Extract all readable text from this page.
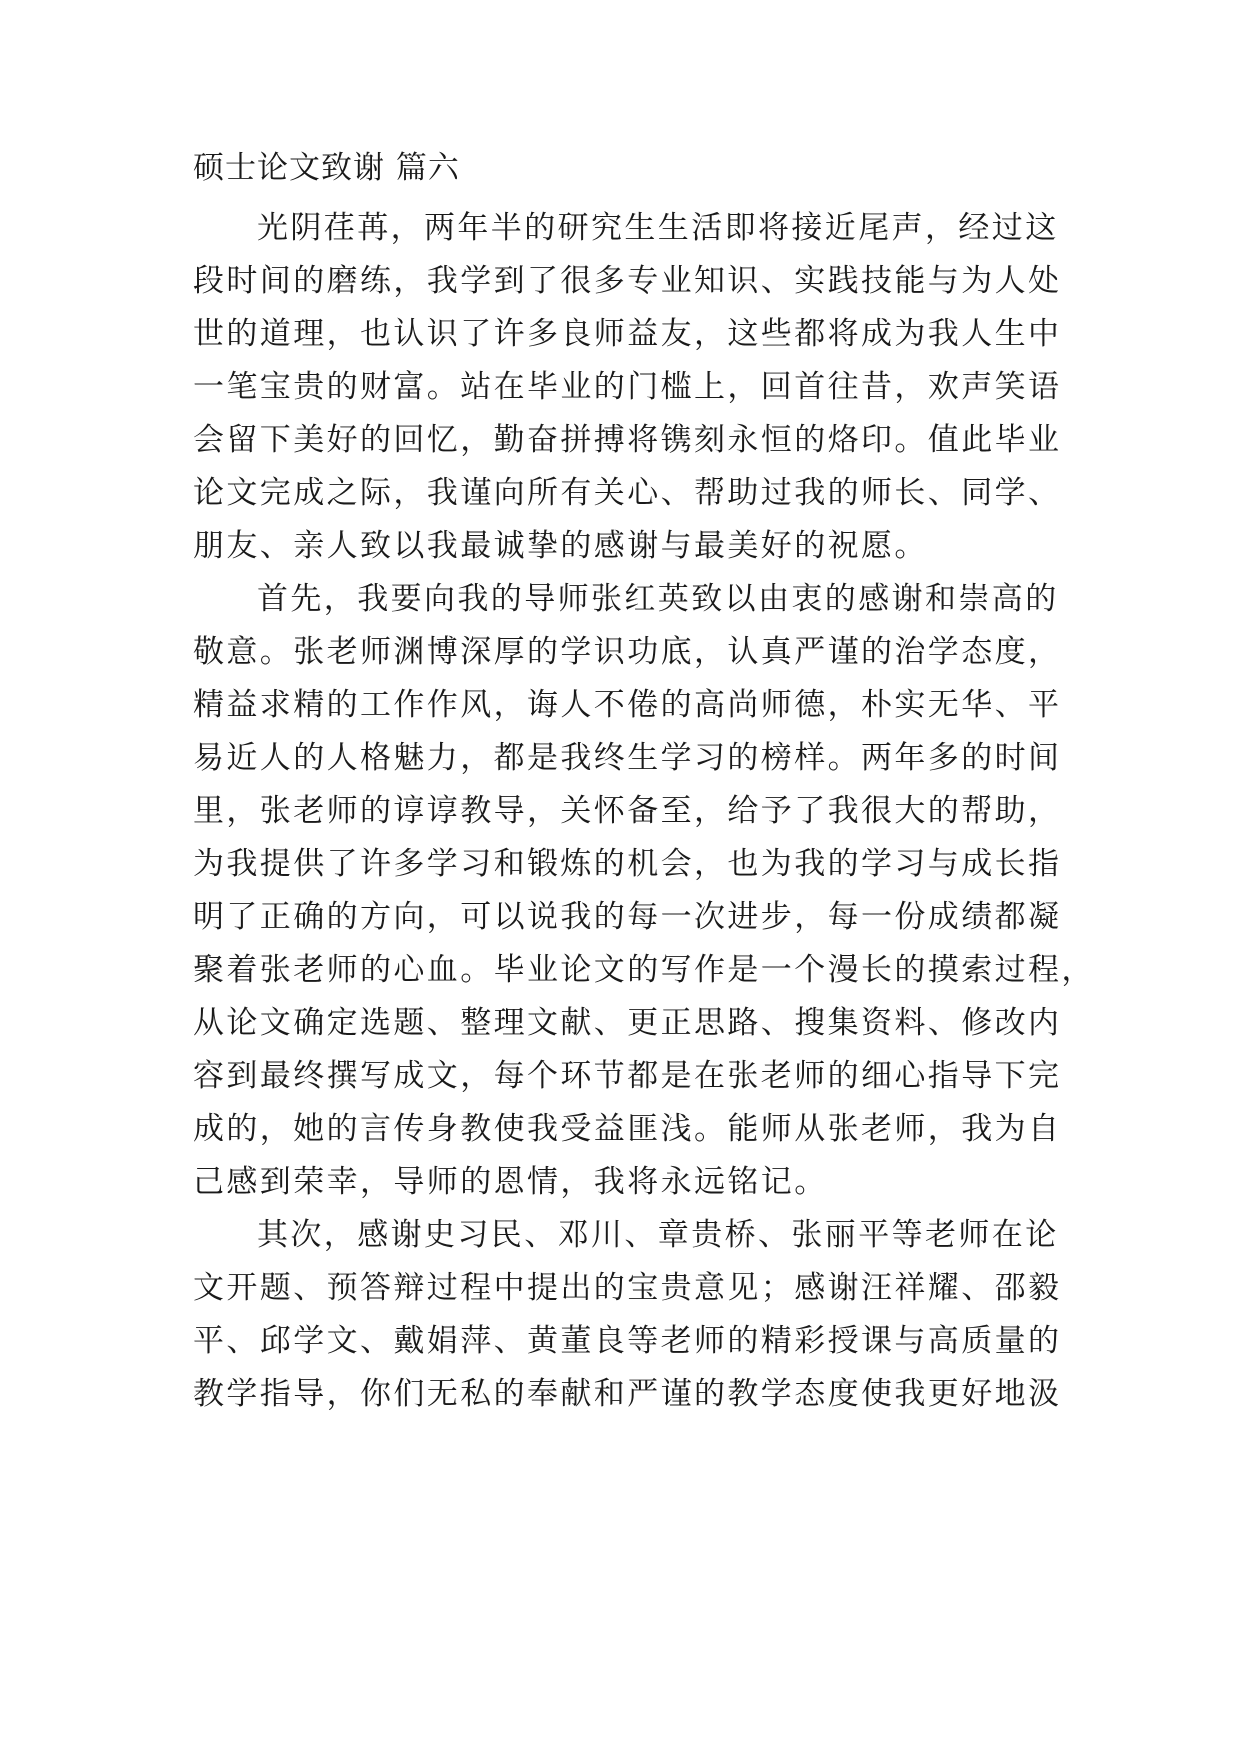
硕士论文致谢 篇六

光阴荏苒，两年半的研究生生活即将接近尾声，经过这
段时间的磨练，我学到了很多专业知识、实践技能与为人处
世的道理，也认识了许多良师益友，这些都将成为我人生中
一笔宝贵的财富。站在毕业的门槛上，回首往昔，欢声笑语
会留下美好的回忆，勤奋拼搏将镌刻永恒的烙印。值此毕业
论文完成之际，我谨向所有关心、帮助过我的师长、同学、
朋友、亲人致以我最诚挚的感谢与最美好的祝愿。

首先，我要向我的导师张红英致以由衷的感谢和崇高的
敬意。张老师渊博深厚的学识功底，认真严谨的治学态度，
精益求精的工作作风，诲人不倦的高尚师德，朴实无华、平
易近人的人格魅力，都是我终生学习的榜样。两年多的时间
里，张老师的谆谆教导，关怀备至，给予了我很大的帮助，
为我提供了许多学习和锻炼的机会，也为我的学习与成长指
明了正确的方向，可以说我的每一次进步，每一份成绩都凝
聚着张老师的心血。毕业论文的写作是一个漫长的摸索过程，
从论文确定选题、整理文献、更正思路、搜集资料、修改内
容到最终撰写成文，每个环节都是在张老师的细心指导下完
成的，她的言传身教使我受益匪浅。能师从张老师，我为自
己感到荣幸，导师的恩情，我将永远铭记。

其次，感谢史习民、邓川、章贵桥、张丽平等老师在论
文开题、预答辩过程中提出的宝贵意见；感谢汪祥耀、邵毅
平、邱学文、戴娟萍、黄董良等老师的精彩授课与高质量的
教学指导，你们无私的奉献和严谨的教学态度使我更好地汲
